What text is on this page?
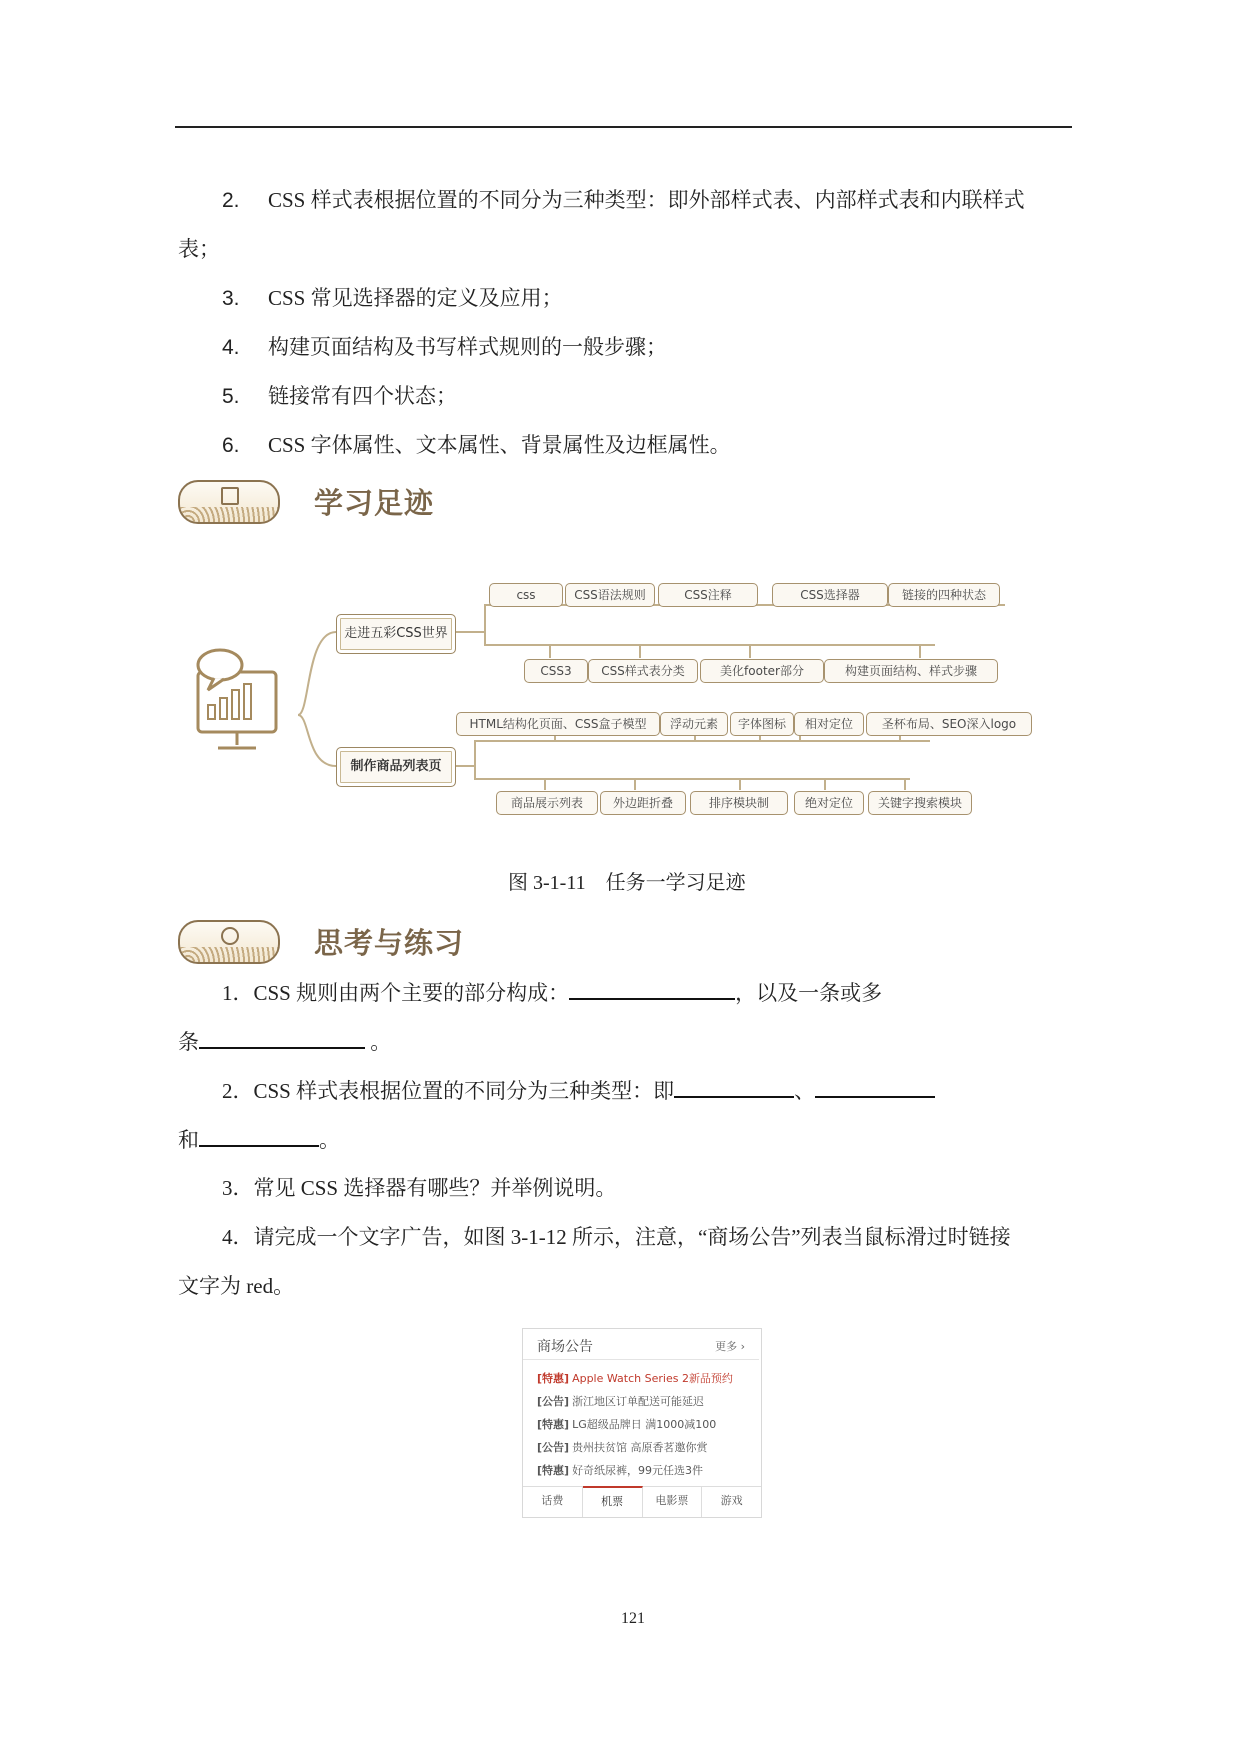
2. CSS 样式表根据位置的不同分为三种类型：即外部样式表、内部样式表和内联样式
表；
3. CSS 常见选择器的定义及应用；
4. 构建页面结构及书写样式规则的一般步骤；
5. 链接常有四个状态；
6. CSS 字体属性、文本属性、背景属性及边框属性。
学习足迹
走进五彩CSS世界
制作商品列表页
css	CSS语法规则	CSS注释	CSS选择器	链接的四种状态
CSS3	CSS样式表分类	美化footer部分	构建页面结构、样式步骤
HTML结构化页面、CSS盒子模型	浮动元素	字体图标	相对定位	圣杯布局、SEO深入logo
商品展示列表	外边距折叠	排序模块制	绝对定位	关键字搜索模块
图 3-1-11　任务一学习足迹
思考与练习
1．CSS 规则由两个主要的部分构成：	，以及一条或多
条	。
2．CSS 样式表根据位置的不同分为三种类型：即	、
和	。
3．常见 CSS 选择器有哪些？并举例说明。
4．请完成一个文字广告，如图 3-1-12 所示，注意，“商场公告”列表当鼠标滑过时链接
文字为 red。
商场公告	更多 ›
[特惠] Apple Watch Series 2新品预约
[公告] 浙江地区订单配送可能延迟
[特惠] LG超级品牌日 满1000减100
[公告] 贵州扶贫馆 高原香茗邀你赏
[特惠] 好奇纸尿裤，99元任选3件
话费	机票	电影票	游戏
121
